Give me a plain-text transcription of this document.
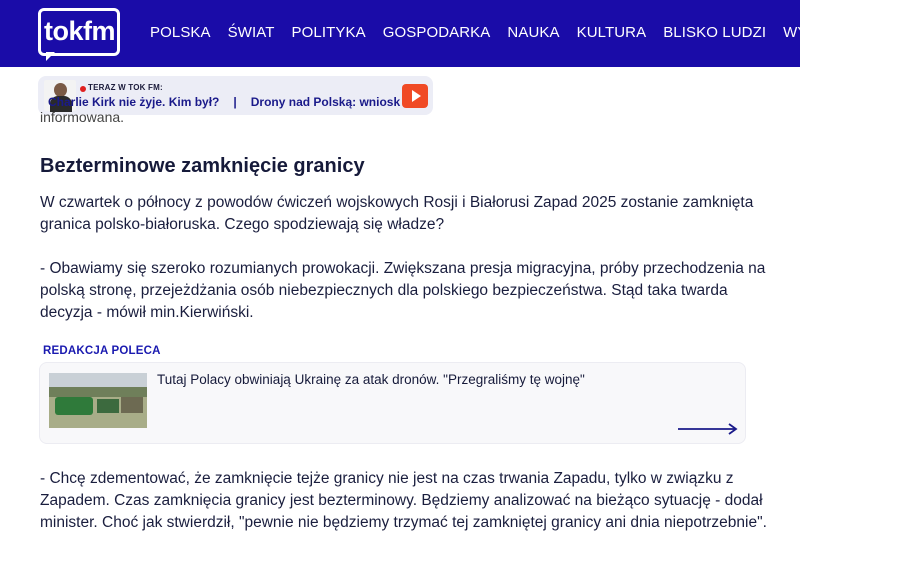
tokfm POLSKA ŚWIAT POLITYKA GOSPODARKA NAUKA KULTURA BLISKO LUDZI WYDARZENIA
TERAZ W TOK FM:
Charlie Kirk nie żyje. Kim był? | Drony nad Polską: wniosk
informowana.
Bezterminowe zamknięcie granicy

W czwartek o północy z powodów ćwiczeń wojskowych Rosji i Białorusi Zapad 2025 zostanie zamknięta granica polsko-białoruska. Czego spodziewają się władze?

- Obawiamy się szeroko rozumianych prowokacji. Zwiększana presja migracyjna, próby przechodzenia na polską stronę, przejeżdżania osób niebezpiecznych dla polskiego bezpieczeństwa. Stąd taka twarda decyzja - mówił min.Kierwiński.

REDAKCJA POLECA
Tutaj Polacy obwiniają Ukrainę za atak dronów. "Przegraliśmy tę wojnę"

- Chcę zdementować, że zamknięcie tejże granicy nie jest na czas trwania Zapadu, tylko w związku z Zapadem. Czas zamknięcia granicy jest bezterminowy. Będziemy analizować na bieżąco sytuację - dodał minister. Choć jak stwierdził, "pewnie nie będziemy trzymać tej zamkniętej granicy ani dnia niepotrzebnie".
